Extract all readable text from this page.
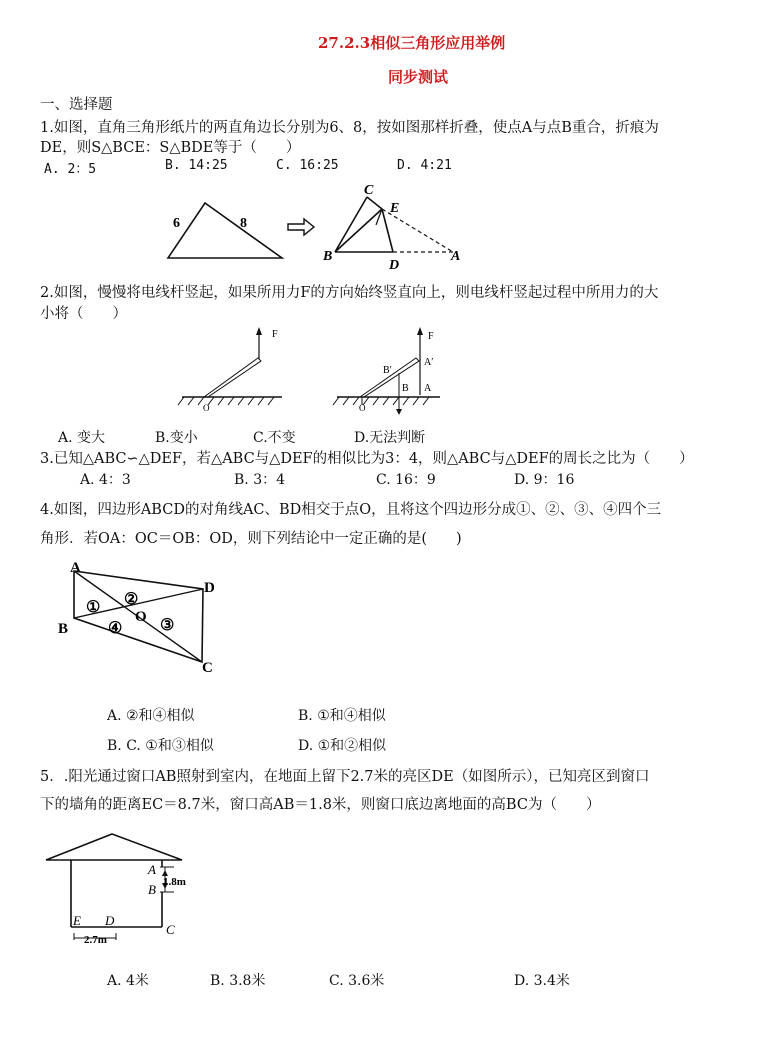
27.2.3相似三角形应用举例
同步测试
一、选择题
1.如图，直角三角形纸片的两直角边长分别为6、8，按如图那样折叠，使点A与点B重合，折痕为
DE，则S△BCE：S△BDE等于（　　）
A. 2：5	B. 14:25	C. 16:25	D. 4:21
6	8
C
E
B
D
A
2.如图，慢慢将电线杆竖起，如果所用力F的方向始终竖直向上，则电线杆竖起过程中所用力的大
小将（　　）
F
O
F
A′
B′
B A
O
A. 变大	B.变小	C.不变	D.无法判断
3.已知△ABC∽△DEF，若△ABC与△DEF的相似比为3：4，则△ABC与△DEF的周长之比为（　　）
A. 4：3	B. 3：4	C. 16：9	D. 9：16
4.如图，四边形ABCD的对角线AC、BD相交于点O，且将这个四边形分成①、②、③、④四个三
角形．若OA：OC＝OB：OD，则下列结论中一定正确的是(　　)
A
B
C
D
O
① ②
③
④
A. ②和④相似	B. ①和④相似
B. C. ①和③相似	D. ①和②相似
5．.阳光通过窗口AB照射到室内，在地面上留下2.7米的亮区DE（如图所示），已知亮区到窗口
下的墙角的距离EC＝8.7米，窗口高AB＝1.8米，则窗口底边离地面的高BC为（　　）
A
B 1.8m
E D
C
2.7m
A. 4米	B. 3.8米	C. 3.6米	D. 3.4米
